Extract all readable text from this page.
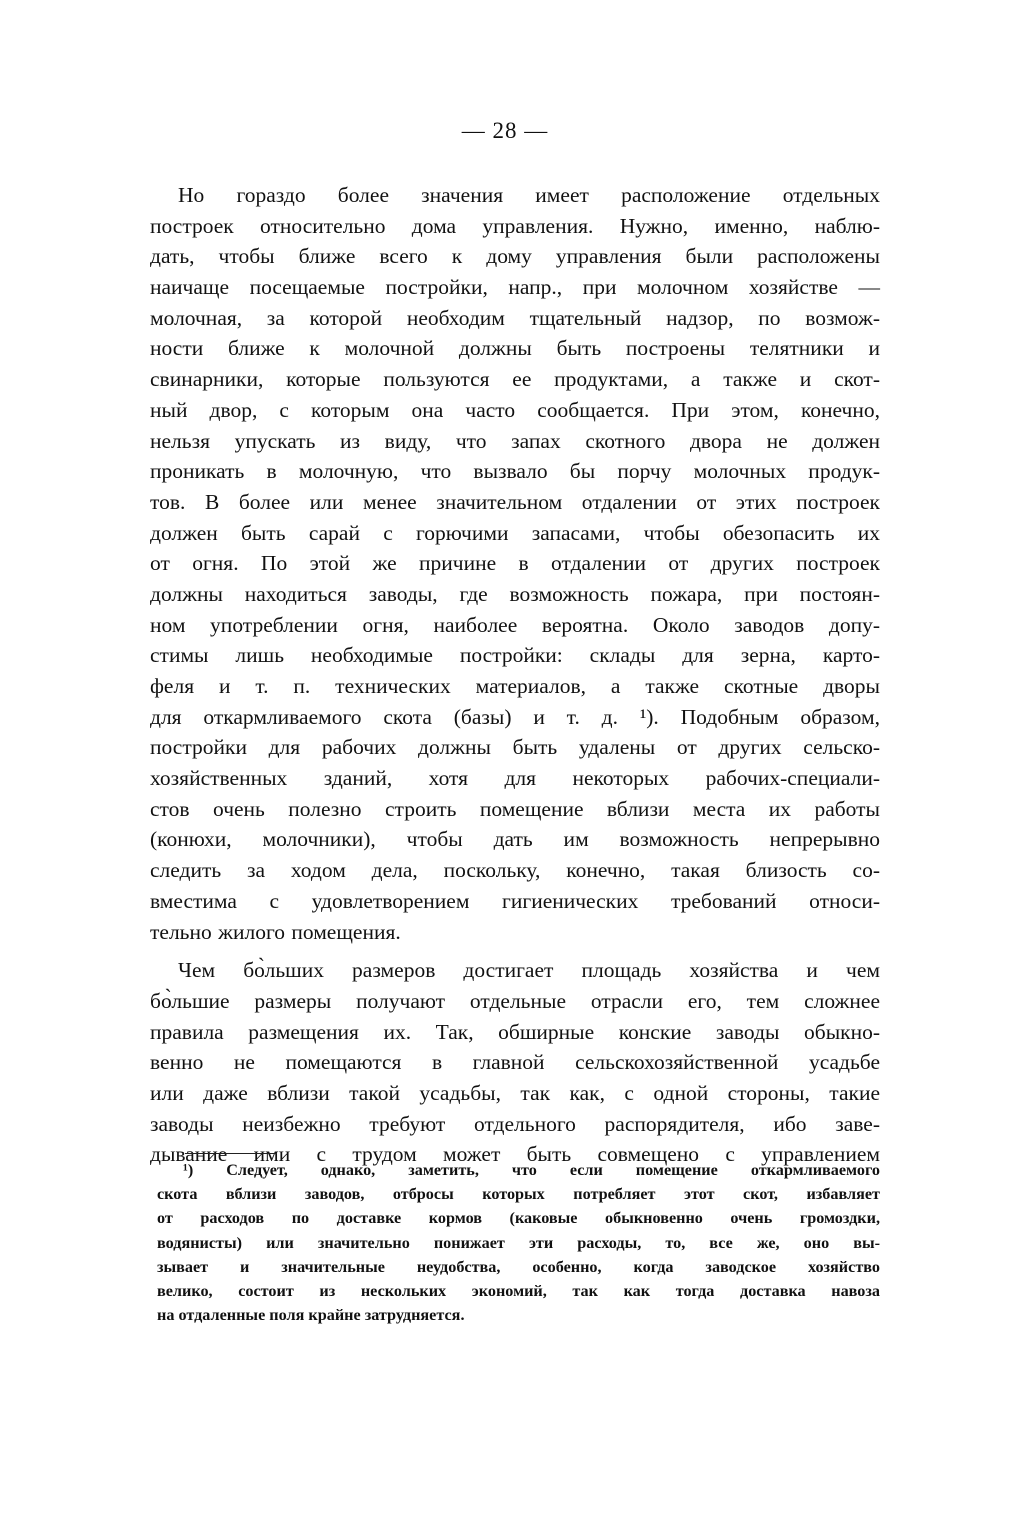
— 28 —
Но гораздо более значения имеет расположение отдельных
построек относительно дома управления. Нужно, именно, наблю-
дать, чтобы ближе всего к дому управления были расположены
наичаще посещаемые постройки, напр., при молочном хозяйстве —
молочная, за которой необходим тщательный надзор, по возмож-
ности ближе к молочной должны быть построены телятники и
свинарники, которые пользуются ее продуктами, а также и скот-
ный двор, с которым она часто сообщается. При этом, конечно,
нельзя упускать из виду, что запах скотного двора не должен
проникать в молочную, что вызвало бы порчу молочных продук-
тов. В более или менее значительном отдалении от этих построек
должен быть сарай с горючими запасами, чтобы обезопасить их
от огня. По этой же причине в отдалении от других построек
должны находиться заводы, где возможность пожара, при постоян-
ном употреблении огня, наиболее вероятна. Около заводов допу-
стимы лишь необходимые постройки: склады для зерна, карто-
феля и т. п. технических материалов, а также скотные дворы
для откармливаемого скота (базы) и т. д. ¹). Подобным образом,
постройки для рабочих должны быть удалены от других сельско-
хозяйственных зданий, хотя для некоторых рабочих-специали-
стов очень полезно строить помещение вблизи места их работы
(конюхи, молочники), чтобы дать им возможность непрерывно
следить за ходом дела, поскольку, конечно, такая близость со-
вместима с удовлетворением гигиенических требований относи-
тельно жилого помещения.
Чем бо̀льших размеров достигает площадь хозяйства и чем
бо̀льшие размеры получают отдельные отрасли его, тем сложнее
правила размещения их. Так, обширные конские заводы обыкно-
венно не помещаются в главной сельскохозяйственной усадьбе
или даже вблизи такой усадьбы, так как, с одной стороны, такие
заводы неизбежно требуют отдельного распорядителя, ибо заве-
дывание ими с трудом может быть совмещено с управлением
¹) Следует, однако, заметить, что если помещение откармливаемого
скота вблизи заводов, отбросы которых потребляет этот скот, избавляет
от расходов по доставке кормов (каковые обыкновенно очень громоздки,
водянисты) или значительно понижает эти расходы, то, все же, оно вы-
зывает и значительные неудобства, особенно, когда заводское хозяйство
велико, состоит из нескольких экономий, так как тогда доставка навоза
на отдаленные поля крайне затрудняется.
